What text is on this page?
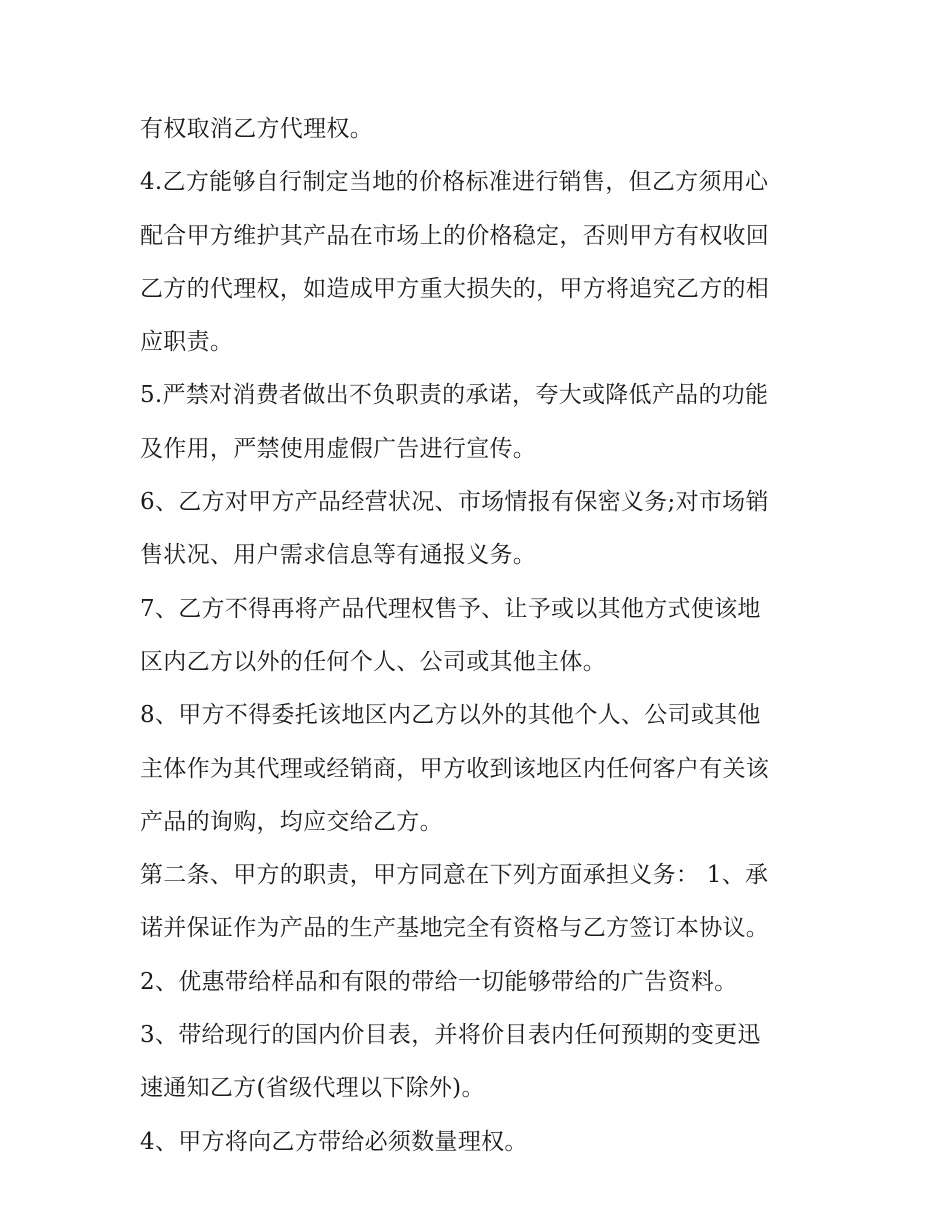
有权取消乙方代理权。
4.乙方能够自行制定当地的价格标准进行销售，但乙方须用心
配合甲方维护其产品在市场上的价格稳定，否则甲方有权收回
乙方的代理权，如造成甲方重大损失的，甲方将追究乙方的相
应职责。
5.严禁对消费者做出不负职责的承诺，夸大或降低产品的功能
及作用，严禁使用虚假广告进行宣传。
6、乙方对甲方产品经营状况、市场情报有保密义务;对市场销
售状况、用户需求信息等有通报义务。
7、乙方不得再将产品代理权售予、让予或以其他方式使该地
区内乙方以外的任何个人、公司或其他主体。
8、甲方不得委托该地区内乙方以外的其他个人、公司或其他
主体作为其代理或经销商，甲方收到该地区内任何客户有关该
产品的询购，均应交给乙方。
第二条、甲方的职责，甲方同意在下列方面承担义务： 1、承
诺并保证作为产品的生产基地完全有资格与乙方签订本协议。
2、优惠带给样品和有限的带给一切能够带给的广告资料。
3、带给现行的国内价目表，并将价目表内任何预期的变更迅
速通知乙方(省级代理以下除外)。
4、甲方将向乙方带给必须数量理权。
